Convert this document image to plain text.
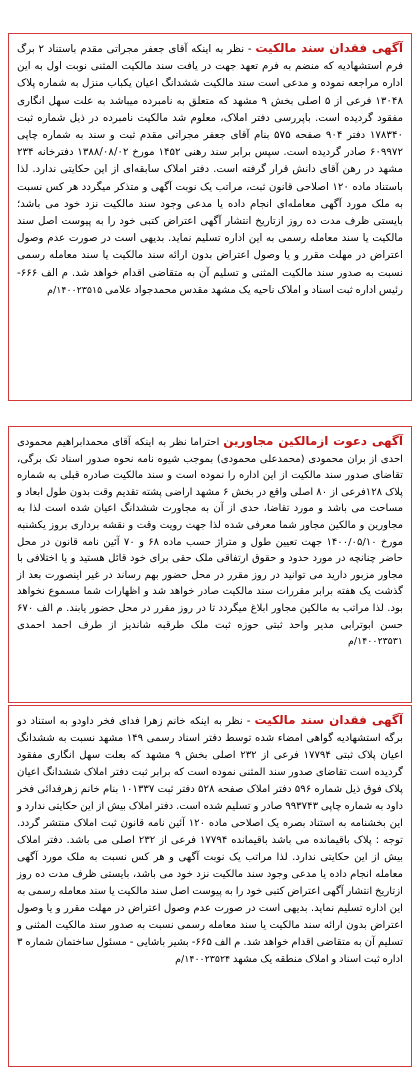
آگهی فقدان سند مالکیت - نظر به اینکه آقای جعفر مجراتی مقدم باستناد ۲ برگ فرم استشهادیه که منضم به فرم تعهد جهت در یافت سند مالکیت المثنی نوبت اول به این اداره مراجعه نموده و مدعی است سند مالکیت ششدانگ اعیان یکباب منزل به شماره پلاک ۱۳۰۴۸ فرعی از ۵ اصلی بخش ۹ مشهد که متعلق به نامبرده میباشد به علت سهل انگاری مفقود گردیده است. باپررسی دفتر املاک، معلوم شد مالکیت نامبرده در ذیل شماره ثبت ۱۷۸۳۴۰ دفتر ۹۰۴ صفحه ۵۷۵ بنام آقای جعفر مجراتی مقدم ثبت و سند به شماره چاپی ۶۰۹۹۷۲ صادر گردیده است. سپس برابر سند رهنی ۱۴۵۲ مورخ ۱۳۸۸/۰۸/۰۲ دفترخانه ۲۳۴ مشهد در رهن آقای دانش قرار گرفته است. دفتر املاک سابقه‌ای از این حکایتی ندارد. لذا باستناد ماده ۱۲۰ اصلاحی قانون ثبت، مراتب یک نوبت آگهی و متذکر میگردد هر کس نسبت به ملک مورد آگهی معامله‌ای انجام داده یا مدعی وجود سند مالکیت نزد خود می باشد؛ بایستی ظرف مدت ده روز ازتاریخ انتشار آگهی اعتراض کتبی خود را به پیوست اصل سند مالکیت یا سند معامله رسمی به این اداره تسلیم نماید. بدیهی است در صورت عدم وصول اعتراض در مهلت مقرر و یا وصول اعتراض بدون ارائه سند مالکیت یا سند معامله رسمی نسبت به صدور سند مالکیت المثنی و تسلیم آن به متقاضی اقدام خواهد شد. م الف ۶۶۶- رئیس اداره ثبت اسناد و املاک ناحیه یک مشهد مقدس محمدجواد علامی ۱۴۰۰۲۳۵۱۵/م

آگهی دعوت ازمالکین مجاورین احتراما نظر به اینکه آقای محمدابراهیم محمودی احدی از بران محمودی (محمدعلی محمودی) بموجب شیوه نامه نحوه صدور اسناد تک برگی، تقاضای صدور سند مالکیت از این اداره را نموده است و سند مالکیت صادره قبلی به شماره پلاک ۱۲۸فرعی از ۸۰ اصلی واقع در بخش ۶ مشهد اراضی پشته تقدیم وقت بدون طول ابعاد و مساحت می باشد و مورد تقاضا، حدی از آن به مجاورت ششدانگ اعیان شده است لذا به مجاورین و مالکین مجاور شما معرفی شده لذا جهت رویت وقت و نقشه برداری بروز یکشنبه مورخ ۱۴۰۰/۰۵/۱۰ جهت تعیین طول و متراژ حسب ماده ۶۸ و ۷۰ آئین نامه قانون در محل حاضر چنانچه در مورد حدود و حقوق ارتفاقی ملک حقی برای خود قائل هستید و یا اختلافی با مجاور مزبور دارید می توانید در روز مقرر در محل حضور بهم رساند در غیر اینصورت بعد از گذشت یک هفته برابر مقررات سند مالکیت صادر خواهد شد و اظهارات شما مسموع نخواهد بود. لذا مراتب به مالکین مجاور ابلاغ میگردد تا در روز مقرر در محل حضور یابند. م الف ۶۷۰ حسن ابوترابی مدیر واحد ثبتی حوزه ثبت ملک طرقبه شاندیز از طرف احمد احمدی ۱۴۰۰۲۳۵۳۱/م

آگهی فقدان سند مالکیت - نظر به اینکه خانم زهرا فدای فخر داودو به استناد دو برگه استشهادیه گواهی امضاء شده توسط دفتر اسناد رسمی ۱۴۹ مشهد نسبت به ششدانگ اعیان پلاک ثبتی ۱۷۷۹۴ فرعی از ۲۳۲ اصلی بخش ۹ مشهد که بعلت سهل انگاری مفقود گردیده است تقاضای صدور سند المثنی نموده است که برابر ثبت دفتر املاک ششدانگ اعیان پلاک فوق ذیل شماره ۵۹۶ دفتر املاک صفحه ۵۲۸ دفتر ثبت ۱۰۱۳۳۷ بنام خانم زهرفدائی فخر داود به شماره چاپی ۹۹۳۷۴۳ صادر و تسلیم شده است. دفتر املاک بیش از این حکایتی ندارد و این بخشنامه به استناد بصره یک اصلاحی ماده ۱۲۰ آئین نامه قانون ثبت املاک منتشر گردد. توجه : پلاک باقیمانده می باشد باقیمانده ۱۷۷۹۴ فرعی از ۲۳۲ اصلی می باشد. دفتر املاک بیش از این حکایتی ندارد. لذا مراتب یک نوبت آگهی و هر کس نسبت به ملک مورد آگهی معامله انجام داده یا مدعی وجود سند مالکیت نزد خود می باشد، بایستی ظرف مدت ده روز ازتاریخ انتشار آگهی اعتراض کتبی خود را به پیوست اصل سند مالکیت یا سند معامله رسمی به این اداره تسلیم نماید. بدیهی است در صورت عدم وصول اعتراض در مهلت مقرر و یا وصول اعتراض بدون ارائه سند مالکیت یا سند معامله رسمی نسبت به صدور سند مالکیت المثنی و تسلیم آن به متقاضی اقدام خواهد شد. م الف ۶۶۵- بشیر باشایی - مسئول ساختمان شماره ۳ اداره ثبت اسناد و املاک منطقه یک مشهد ۱۴۰۰۲۳۵۲۴/م
